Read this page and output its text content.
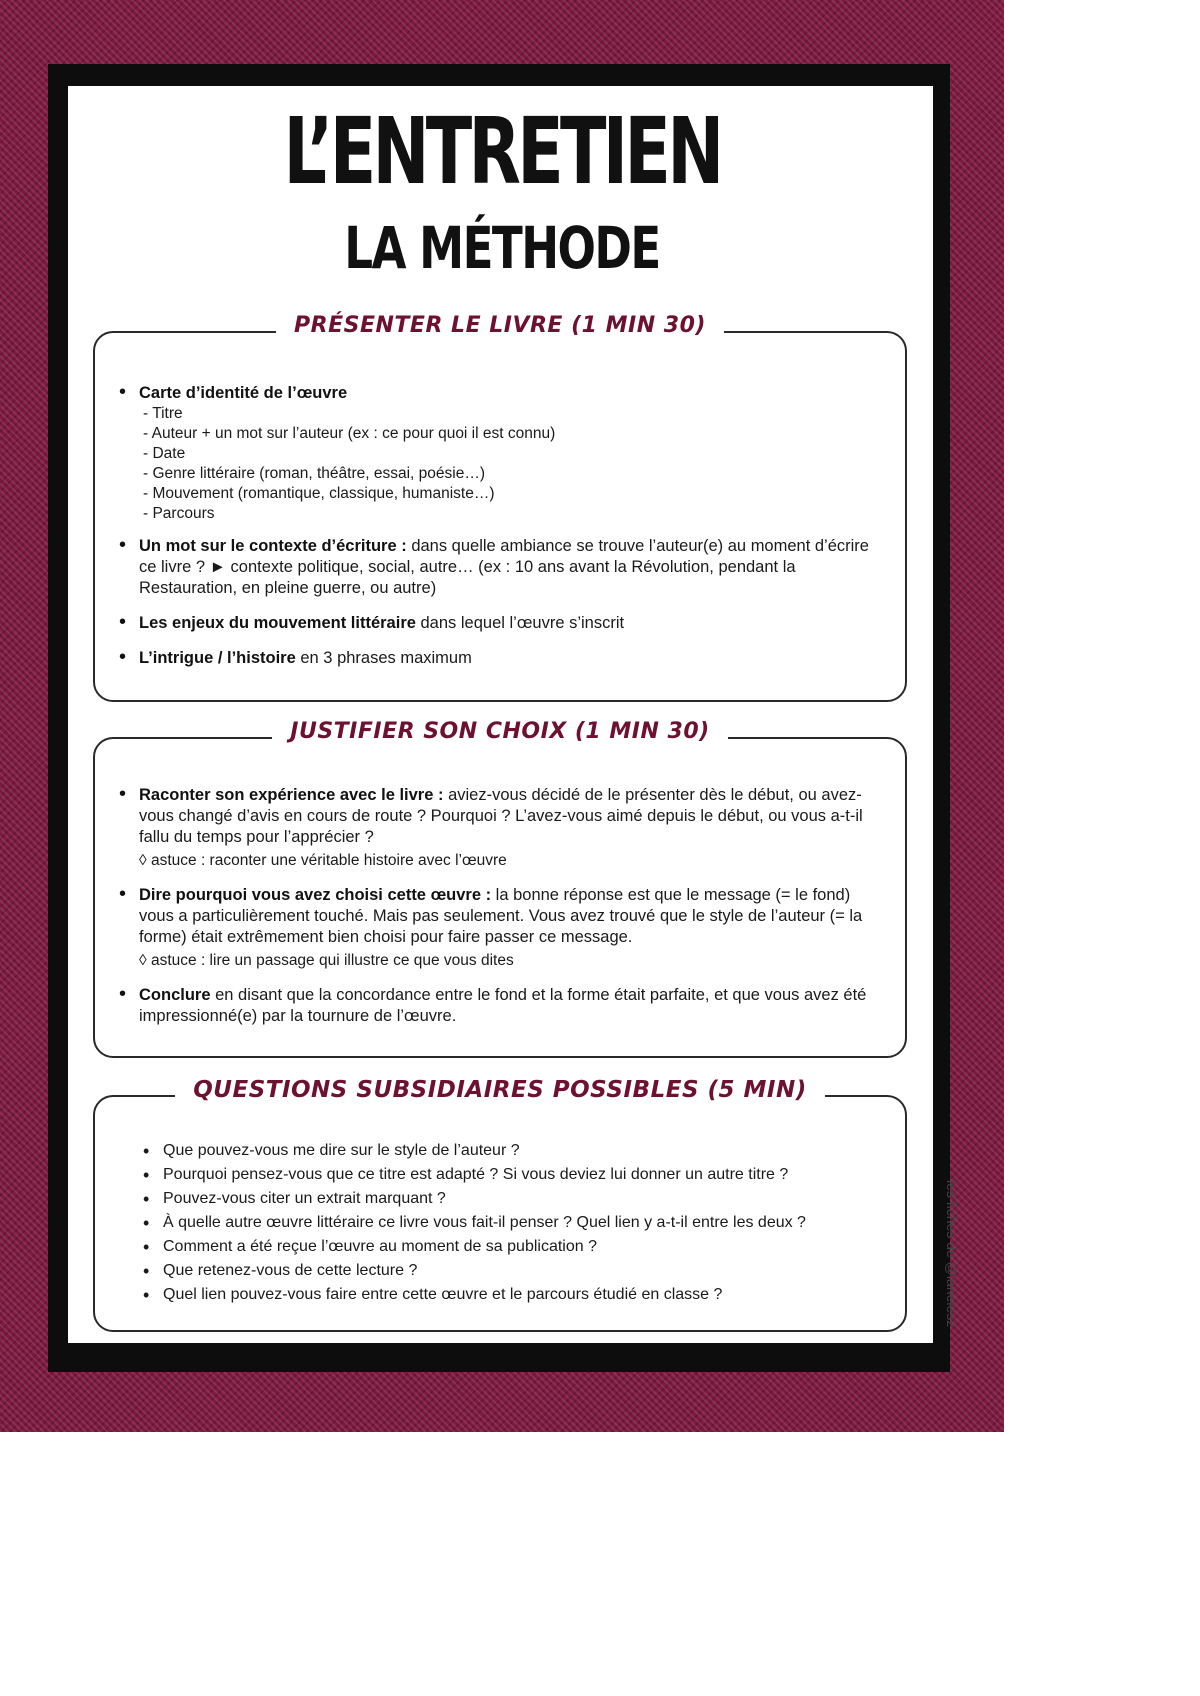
L’ENTRETIEN
LA MÉTHODE
PRÉSENTER LE LIVRE (1 MIN 30)
• Carte d’identité de l’œuvre
- Titre
- Auteur + un mot sur l’auteur (ex : ce pour quoi il est connu)
- Date
- Genre littéraire (roman, théâtre, essai, poésie…)
- Mouvement (romantique, classique, humaniste…)
- Parcours
• Un mot sur le contexte d’écriture : dans quelle ambiance se trouve l’auteur(e) au moment d’écrire ce livre ? ► contexte politique, social, autre… (ex : 10 ans avant la Révolution, pendant la Restauration, en pleine guerre, ou autre)
• Les enjeux du mouvement littéraire dans lequel l’œuvre s’inscrit
• L’intrigue / l’histoire en 3 phrases maximum
JUSTIFIER SON CHOIX (1 MIN 30)
• Raconter son expérience avec le livre : aviez-vous décidé de le présenter dès le début, ou avez-vous changé d’avis en cours de route ? Pourquoi ? L’avez-vous aimé depuis le début, ou vous a-t-il fallu du temps pour l’apprécier ?
◊ astuce : raconter une véritable histoire avec l’œuvre
• Dire pourquoi vous avez choisi cette œuvre : la bonne réponse est que le message (= le fond) vous a particulièrement touché. Mais pas seulement. Vous avez trouvé que le style de l’auteur (= la forme) était extrêmement bien choisi pour faire passer ce message.
◊ astuce : lire un passage qui illustre ce que vous dites
• Conclure en disant que la concordance entre le fond et la forme était parfaite, et que vous avez été impressionné(e) par la tournure de l’œuvre.
QUESTIONS SUBSIDIAIRES POSSIBLES (5 MIN)
• Que pouvez-vous me dire sur le style de l’auteur ?
• Pourquoi pensez-vous que ce titre est adapté ? Si vous deviez lui donner un autre titre ?
• Pouvez-vous citer un extrait marquant ?
• À quelle autre œuvre littéraire ce livre vous fait-il penser ? Quel lien y a-t-il entre les deux ?
• Comment a été reçue l’œuvre au moment de sa publication ?
• Que retenez-vous de cette lecture ?
• Quel lien pouvez-vous faire entre cette œuvre et le parcours étudié en classe ?	les fiches de @lanelesz
